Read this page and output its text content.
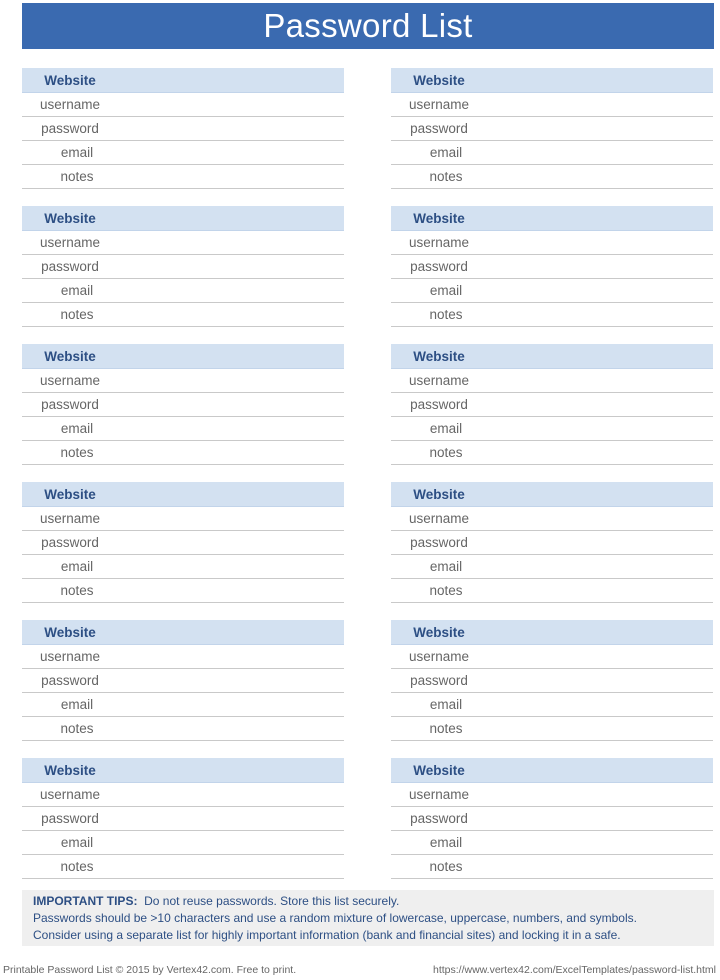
Password List
Website
username
password
email
notes
Website
username
password
email
notes
Website
username
password
email
notes
Website
username
password
email
notes
Website
username
password
email
notes
Website
username
password
email
notes
Website
username
password
email
notes
Website
username
password
email
notes
Website
username
password
email
notes
Website
username
password
email
notes
Website
username
password
email
notes
Website
username
password
email
notes
IMPORTANT TIPS: Do not reuse passwords. Store this list securely.
Passwords should be >10 characters and use a random mixture of lowercase, uppercase, numbers, and symbols.
Consider using a separate list for highly important information (bank and financial sites) and locking it in a safe.
Printable Password List © 2015 by Vertex42.com. Free to print.	https://www.vertex42.com/ExcelTemplates/password-list.html
